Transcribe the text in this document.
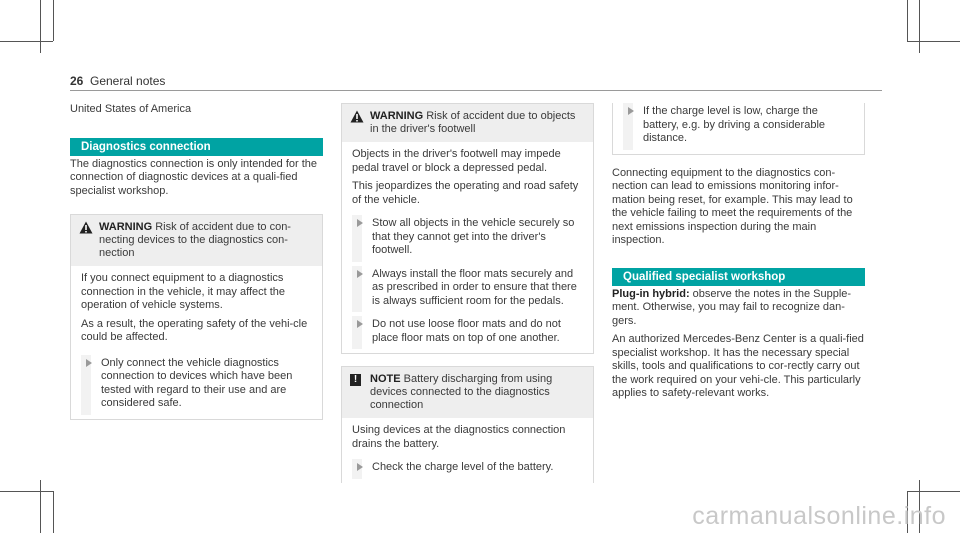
26 General notes

United States of America

Diagnostics connection

The diagnostics connection is only intended for the connection of diagnostic devices at a quali-fied specialist workshop.

WARNING Risk of accident due to con-necting devices to the diagnostics con-nection

If you connect equipment to a diagnostics connection in the vehicle, it may affect the operation of vehicle systems.

As a result, the operating safety of the vehi-cle could be affected.

Only connect the vehicle diagnostics connection to devices which have been tested with regard to their use and are considered safe.
WARNING Risk of accident due to objects in the driver's footwell

Objects in the driver's footwell may impede pedal travel or block a depressed pedal.

This jeopardizes the operating and road safety of the vehicle.

Stow all objects in the vehicle securely so that they cannot get into the driver's footwell.
Always install the floor mats securely and as prescribed in order to ensure that there is always sufficient room for the pedals.
Do not use loose floor mats and do not place floor mats on top of one another.
!	NOTE Battery discharging from using devices connected to the diagnostics connection

Using devices at the diagnostics connection drains the battery.

Check the charge level of the battery.
If the charge level is low, charge the battery, e.g. by driving a considerable distance.

Connecting equipment to the diagnostics con-nection can lead to emissions monitoring infor-mation being reset, for example. This may lead to the vehicle failing to meet the requirements of the next emissions inspection during the main inspection.

Qualified specialist workshop

Plug-in hybrid: observe the notes in the Supple-ment. Otherwise, you may fail to recognize dan-gers.

An authorized Mercedes-Benz Center is a quali-fied specialist workshop. It has the necessary special skills, tools and qualifications to cor-rectly carry out the work required on your vehi-cle. This particularly applies to safety-relevant works.

carmanualsonline.info
